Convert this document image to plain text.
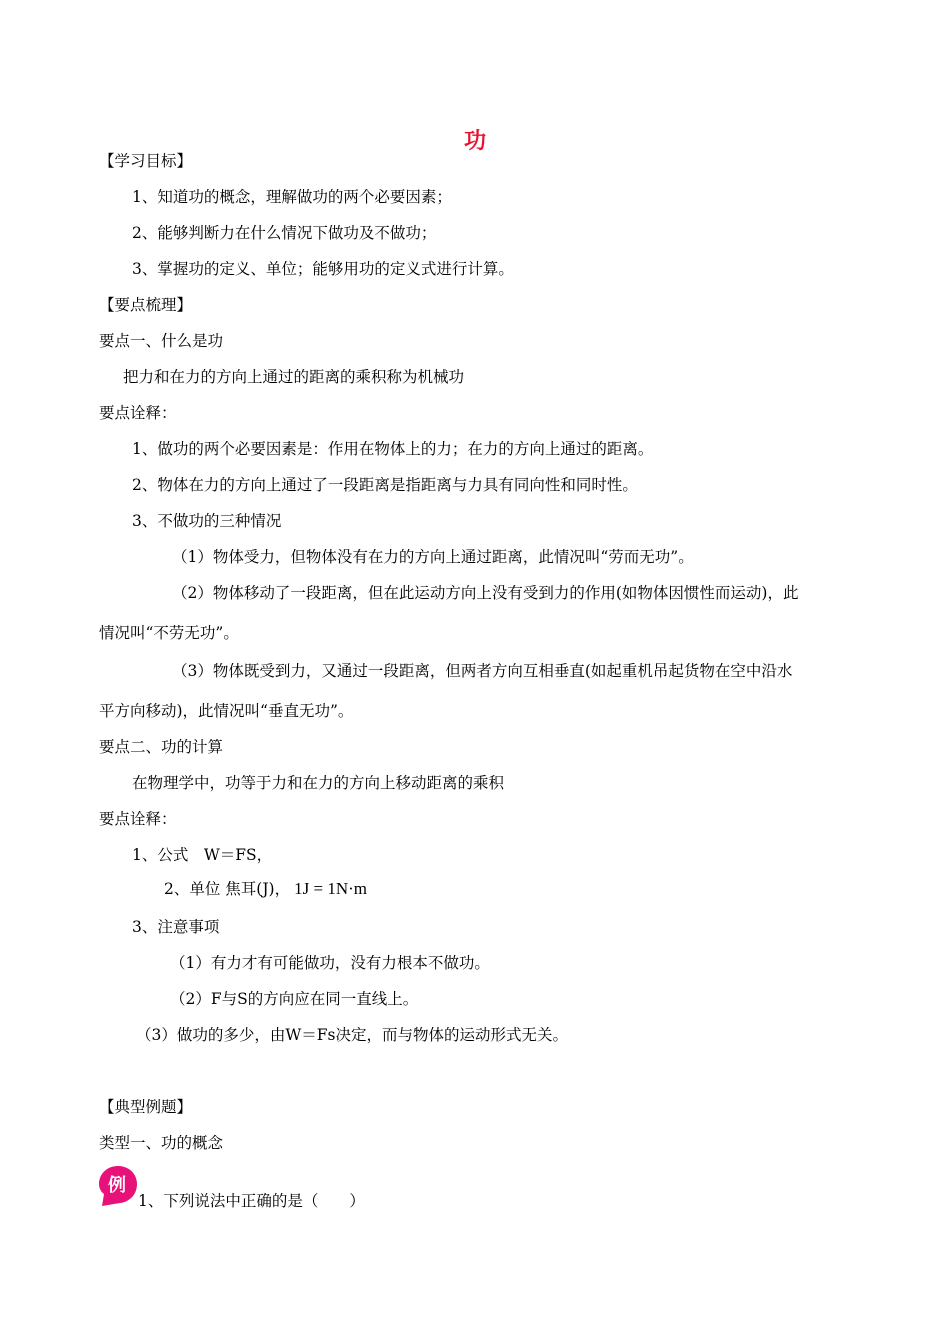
功
【学习目标】
1、知道功的概念，理解做功的两个必要因素；
2、能够判断力在什么情况下做功及不做功；
3、掌握功的定义、单位；能够用功的定义式进行计算。
【要点梳理】
要点一、什么是功
把力和在力的方向上通过的距离的乘积称为机械功
要点诠释：
1、做功的两个必要因素是：作用在物体上的力；在力的方向上通过的距离。
2、物体在力的方向上通过了一段距离是指距离与力具有同向性和同时性。
3、不做功的三种情况
（1）物体受力，但物体没有在力的方向上通过距离，此情况叫“劳而无功”。
（2）物体移动了一段距离，但在此运动方向上没有受到力的作用(如物体因惯性而运动)，此
情况叫“不劳无功”。
（3）物体既受到力，又通过一段距离，但两者方向互相垂直(如起重机吊起货物在空中沿水
平方向移动)，此情况叫“垂直无功”。
要点二、功的计算
在物理学中，功等于力和在力的方向上移动距离的乘积
要点诠释：
1、公式　W＝FS，
2、单位 焦耳(J)， 1J = 1N·m
3、注意事项
（1）有力才有可能做功，没有力根本不做功。
（2）F与S的方向应在同一直线上。
（3）做功的多少，由W＝Fs决定，而与物体的运动形式无关。
【典型例题】
类型一、功的概念
例
1、下列说法中正确的是（　　）
